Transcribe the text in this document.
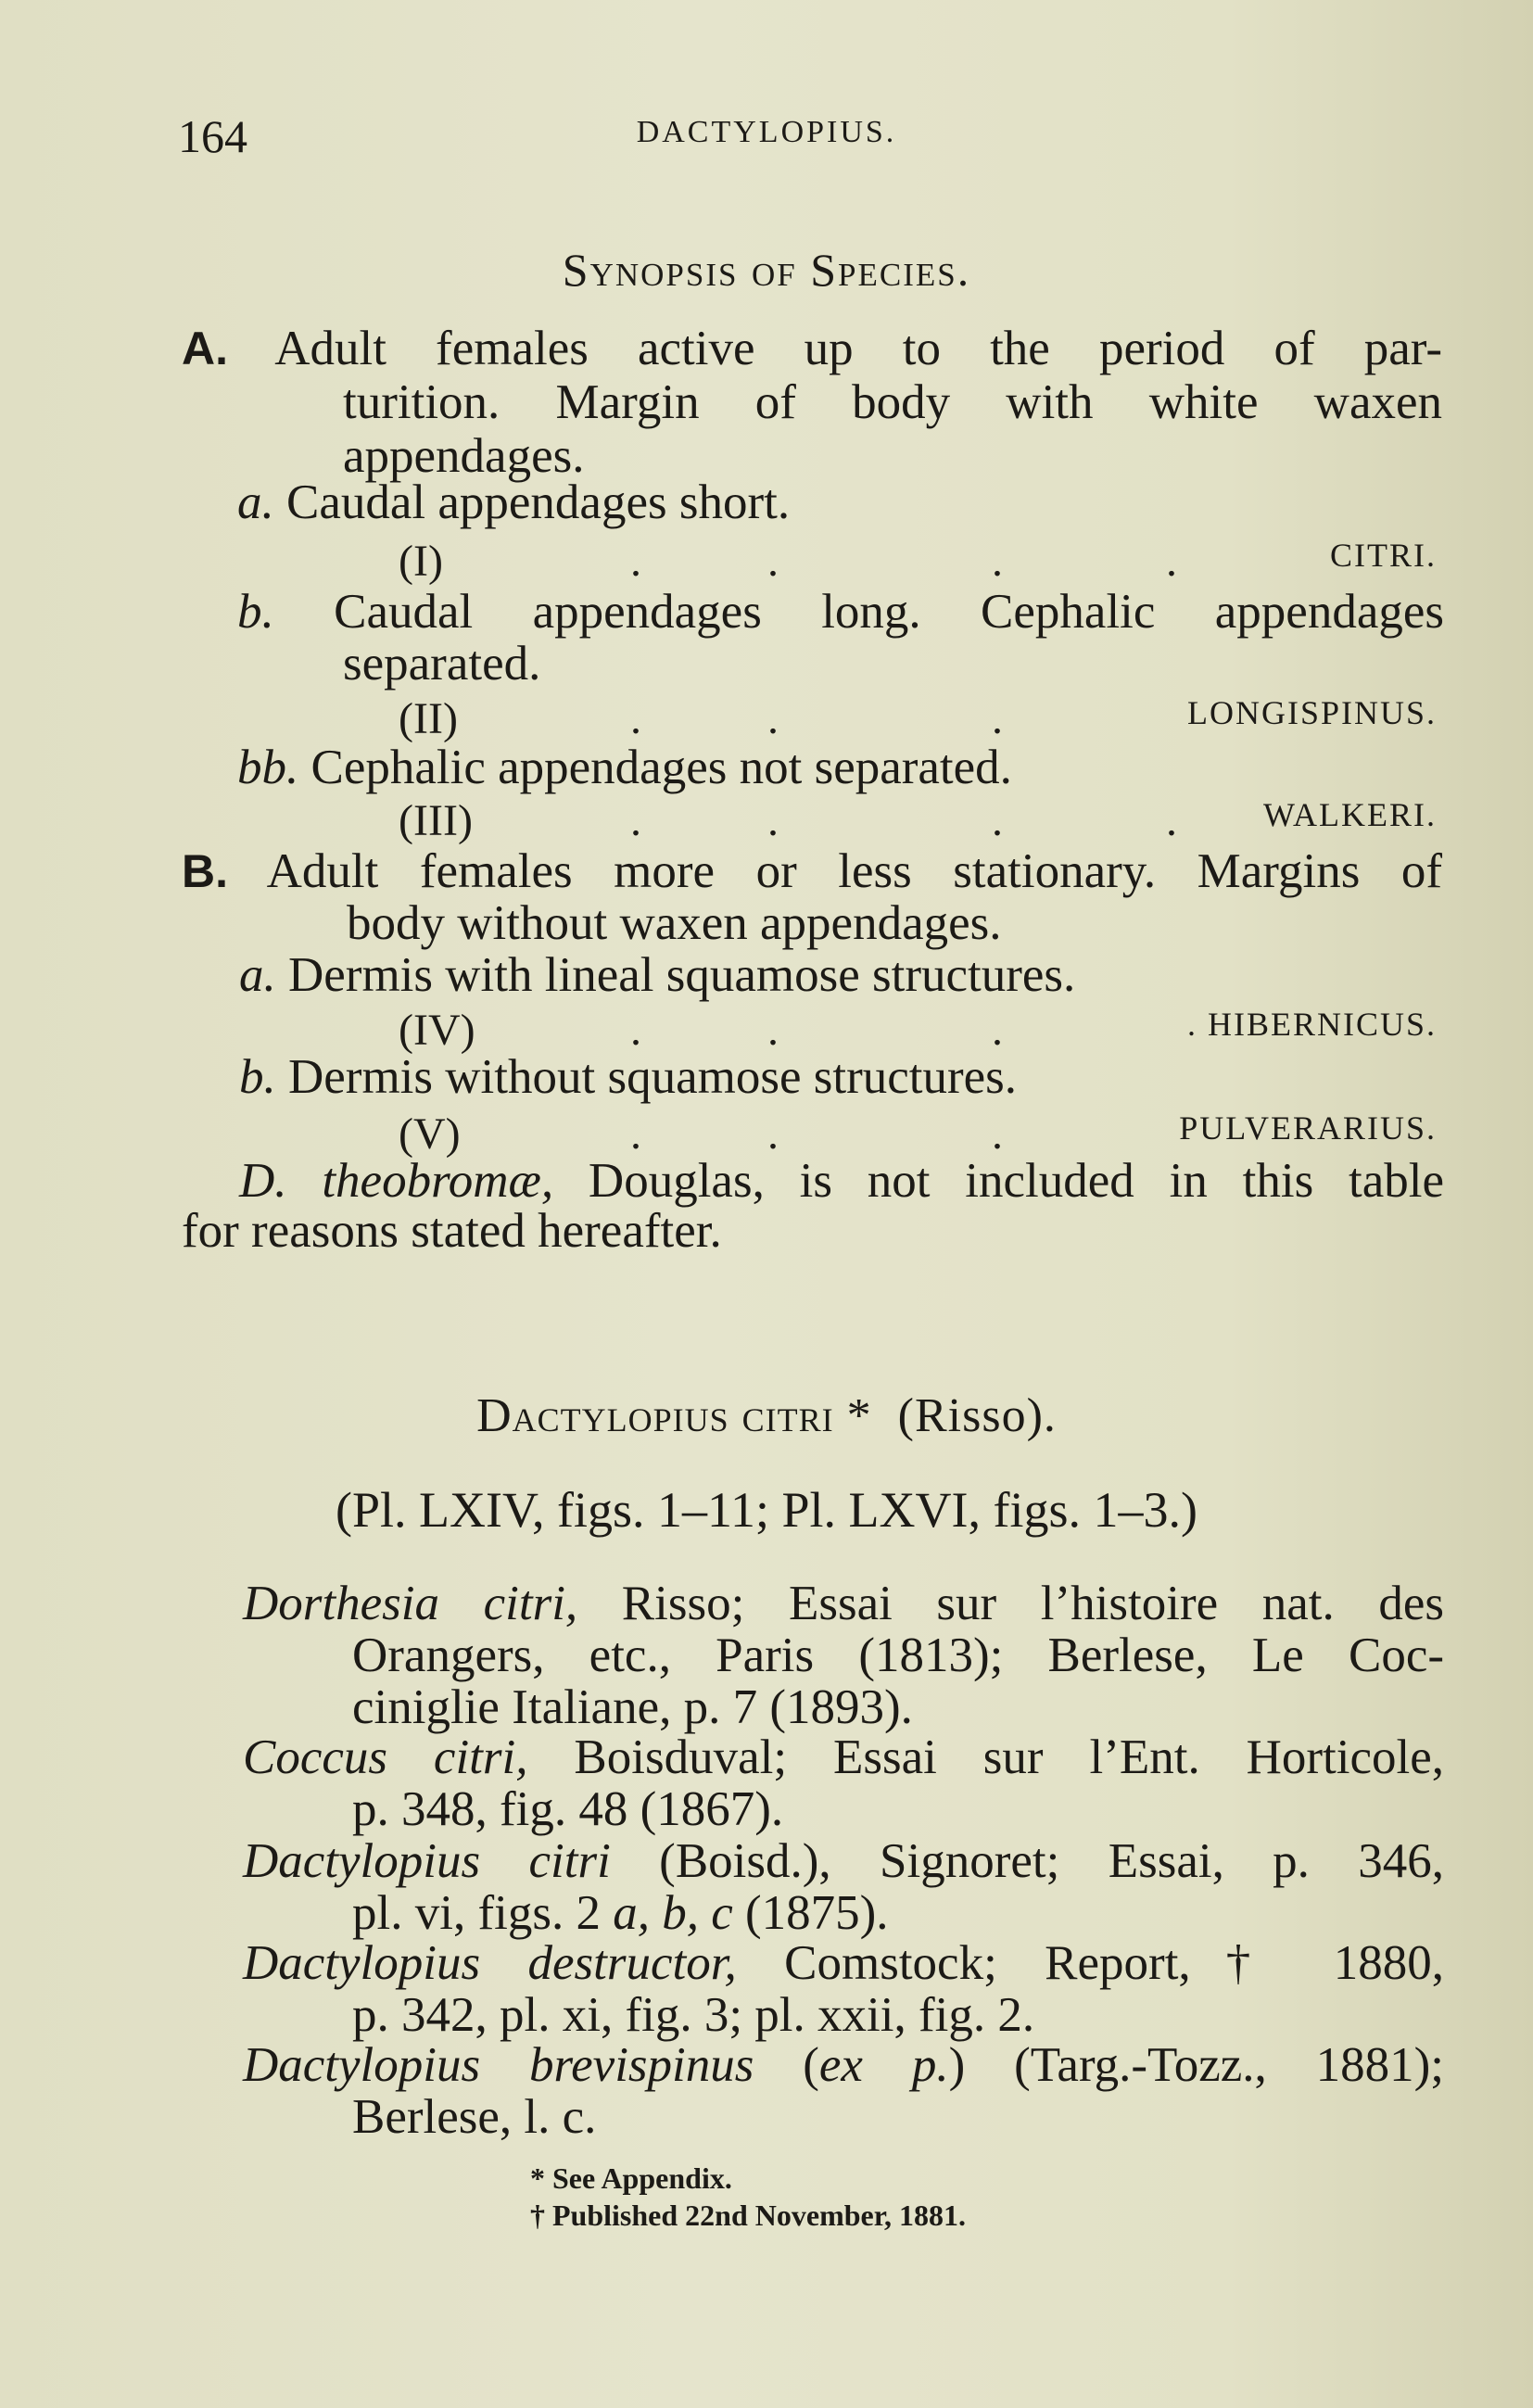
164	DACTYLOPIUS.
Synopsis of Species.

A. Adult females active up to the period of par-

turition. Margin of body with white waxen

appendages.

a. Caudal appendages short.

(I)	.	.	.	.	CITRI.

b. Caudal appendages long. Cephalic appendages

separated.

(II)	.	.	.	LONGISPINUS.

bb. Cephalic appendages not separated.

(III)	.	.	.	.	WALKERI.

B. Adult females more or less stationary. Margins of

body without waxen appendages.

a. Dermis with lineal squamose structures.

(IV)	.	.	.	. HIBERNICUS.

b. Dermis without squamose structures.

(V)	.	.	.	PULVERARIUS.

D. theobromæ, Douglas, is not included in this table

for reasons stated hereafter.

Dactylopius citri * (Risso).
(Pl. LXIV, figs. 1–11; Pl. LXVI, figs. 1–3.)

Dorthesia citri, Risso; Essai sur l’histoire nat. des

Orangers, etc., Paris (1813); Berlese, Le Coc-

ciniglie Italiane, p. 7 (1893).

Coccus citri, Boisduval; Essai sur l’Ent. Horticole,

p. 348, fig. 48 (1867).

Dactylopius citri (Boisd.), Signoret; Essai, p. 346,

pl. vi, figs. 2 a, b, c (1875).

Dactylopius destructor, Comstock; Report,† 1880,

p. 342, pl. xi, fig. 3; pl. xxii, fig. 2.

Dactylopius brevispinus (ex p.) (Targ.-Tozz., 1881);

Berlese, l. c.

* See Appendix.
† Published 22nd November, 1881.
